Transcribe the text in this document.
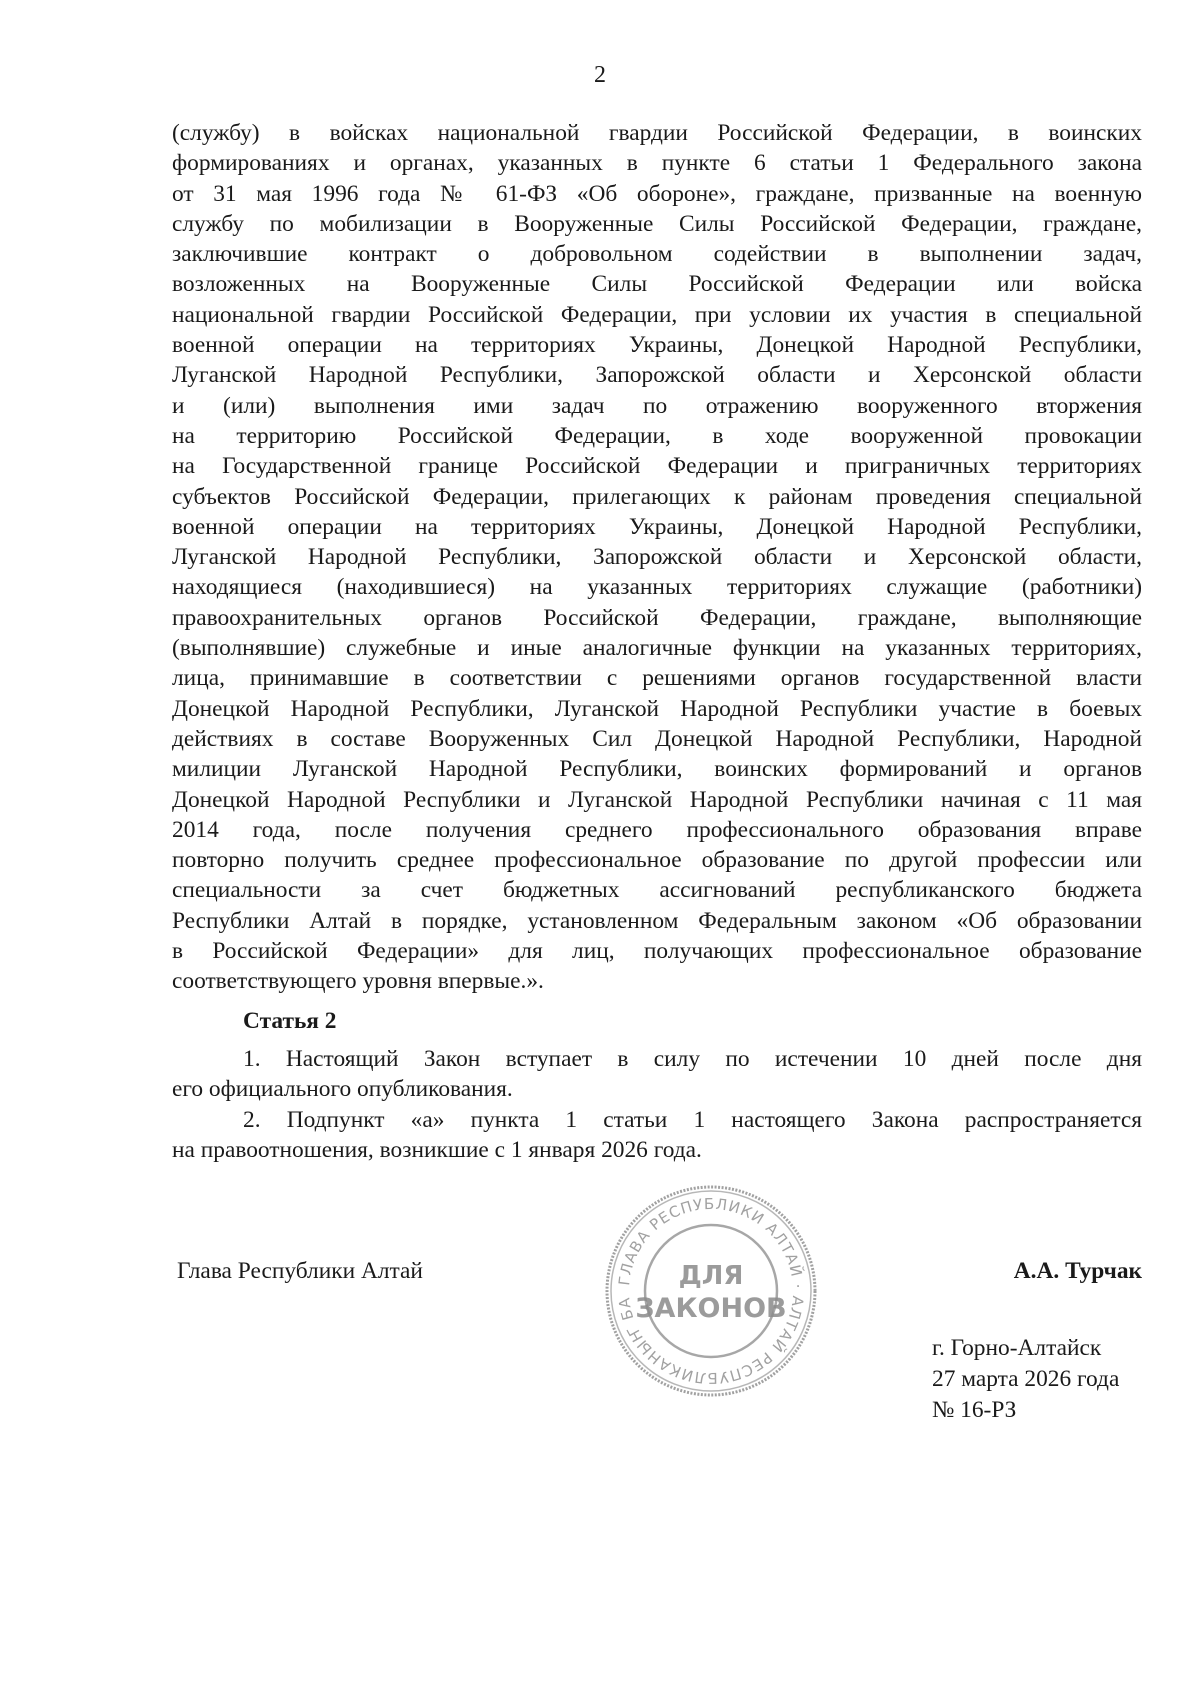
2
(службу) в войсках национальной гвардии Российской Федерации, в воинских
формированиях и органах, указанных в пункте 6 статьи 1 Федерального закона
от 31 мая 1996 года № 61-ФЗ «Об обороне», граждане, призванные на военную
службу по мобилизации в Вооруженные Силы Российской Федерации, граждане,
заключившие контракт о добровольном содействии в выполнении задач,
возложенных на Вооруженные Силы Российской Федерации или войска
национальной гвардии Российской Федерации, при условии их участия в специальной
военной операции на территориях Украины, Донецкой Народной Республики,
Луганской Народной Республики, Запорожской области и Херсонской области
и (или) выполнения ими задач по отражению вооруженного вторжения
на территорию Российской Федерации, в ходе вооруженной провокации
на Государственной границе Российской Федерации и приграничных территориях
субъектов Российской Федерации, прилегающих к районам проведения специальной
военной операции на территориях Украины, Донецкой Народной Республики,
Луганской Народной Республики, Запорожской области и Херсонской области,
находящиеся (находившиеся) на указанных территориях служащие (работники)
правоохранительных органов Российской Федерации, граждане, выполняющие
(выполнявшие) служебные и иные аналогичные функции на указанных территориях,
лица, принимавшие в соответствии с решениями органов государственной власти
Донецкой Народной Республики, Луганской Народной Республики участие в боевых
действиях в составе Вооруженных Сил Донецкой Народной Республики, Народной
милиции Луганской Народной Республики, воинских формирований и органов
Донецкой Народной Республики и Луганской Народной Республики начиная с 11 мая
2014 года, после получения среднего профессионального образования вправе
повторно получить среднее профессиональное образование по другой профессии или
специальности за счет бюджетных ассигнований республиканского бюджета
Республики Алтай в порядке, установленном Федеральным законом «Об образовании
в Российской Федерации» для лиц, получающих профессиональное образование
соответствующего уровня впервые.».
Статья 2
1. Настоящий Закон вступает в силу по истечении 10 дней после дня
его официального опубликования.
2. Подпункт «а» пункта 1 статьи 1 настоящего Закона распространяется
на правоотношения, возникшие с 1 января 2026 года.
Глава Республики Алтай	А.А. Турчак
ГЛАВА РЕСПУБЛИКИ АЛТАЙ · АЛТАЙ РЕСПУБЛИКАНЫҤ БА
ДЛЯ
ЗАКОНОВ
г. Горно-Алтайск
27 марта 2026 года
№ 16-РЗ
